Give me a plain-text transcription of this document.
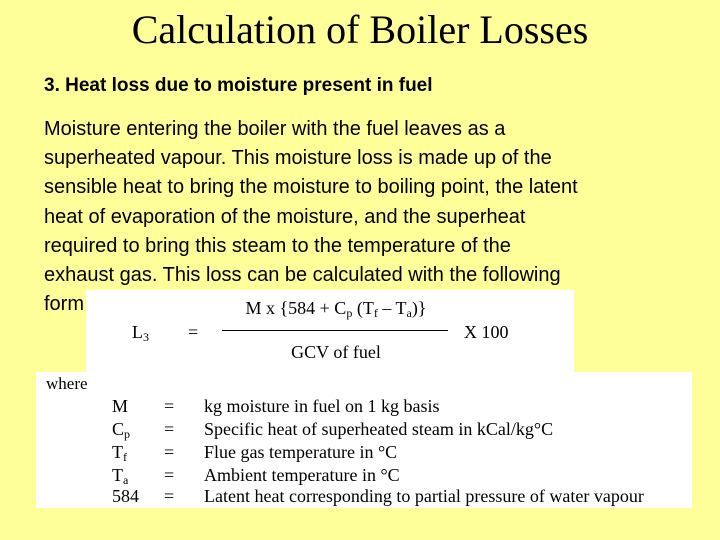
Calculation of Boiler Losses
3. Heat loss due to moisture present in fuel
Moisture entering the boiler with the fuel leaves as a
superheated vapour. This moisture loss is made up of the
sensible heat to bring the moisture to boiling point, the latent
heat of evaporation of the moisture, and the superheat
required to bring this steam to the temperature of the
exhaust gas. This loss can be calculated with the following
form
$L_3$ =
M x {$584 + C_p$ $(T_f - T_a)$}
GCV of fuel
X 100
where
M = kg moisture in fuel on 1 kg basis
$C_p$ = Specific heat of superheated steam in kCal/kg°C
$T_f$ = Flue gas temperature in °C
$T_a$ = Ambient temperature in °C
584 = Latent heat corresponding to partial pressure of water vapour
